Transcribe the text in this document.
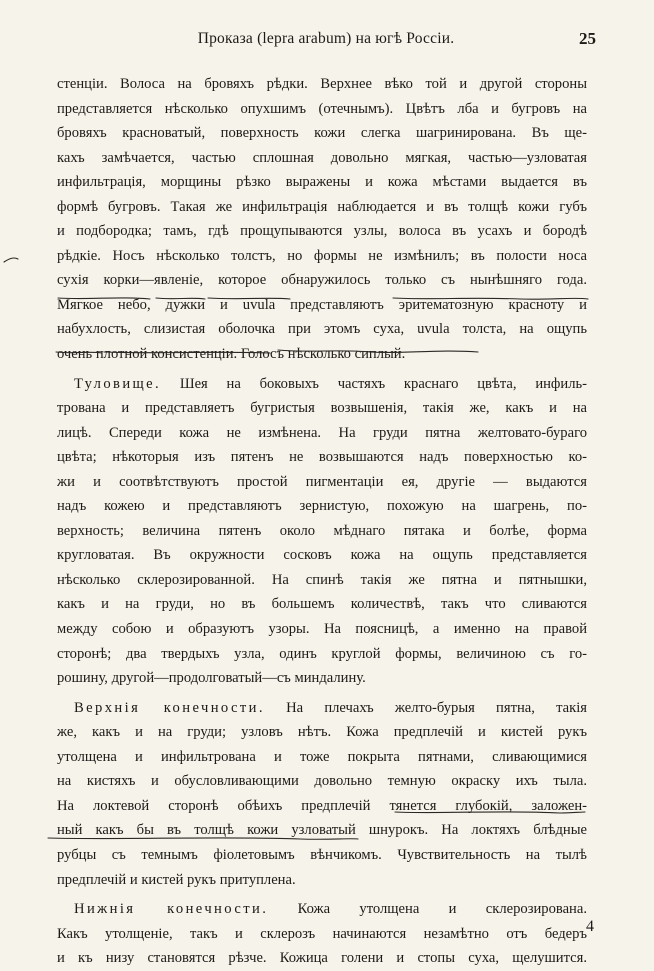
Проказа (lepra arabum) на югѣ Россіи.	25
стенціи. Волоса на бровяхъ рѣдки. Верхнее вѣко той и другой стороны
представляется нѣсколько опухшимъ (отечнымъ). Цвѣтъ лба и бугровъ на
бровяхъ красноватый, поверхность кожи слегка шагринирована. Въ ще-
кахъ замѣчается, частью сплошная довольно мягкая, частью—узловатая
инфильтрація, морщины рѣзко выражены и кожа мѣстами выдается въ
формѣ бугровъ. Такая же инфильтрація наблюдается и въ толщѣ кожи губъ
и подбородка; тамъ, гдѣ прощупываются узлы, волоса въ усахъ и бородѣ
рѣдкіе. Носъ нѣсколько толстъ, но формы не измѣнилъ; въ полости носа
сухія корки—явленіе, которое обнаружилось только съ нынѣшняго года.
Мягкое небо, дужки и uvula представляютъ эритематозную красноту и
набухлость, слизистая оболочка при этомъ суха, uvula толста, на ощупь
очень плотной консистенціи. Голосъ нѣсколько сиплый.
Туловище. Шея на боковыхъ частяхъ краснаго цвѣта, инфиль-
трована и представляетъ бугристыя возвышенія, такія же, какъ и на
лицѣ. Спереди кожа не измѣнена. На груди пятна желтовато-бураго
цвѣта; нѣкоторыя изъ пятенъ не возвышаются надъ поверхностью ко-
жи и соотвѣтствуютъ простой пигментаціи ея, другіе — выдаются
надъ кожею и представляютъ зернистую, похожую на шагрень, по-
верхность; величина пятенъ около мѣднаго пятака и болѣе, форма
кругловатая. Въ окружности сосковъ кожа на ощупь представляется
нѣсколько склерозированной. На спинѣ такія же пятна и пятнышки,
какъ и на груди, но въ большемъ количествѣ, такъ что сливаются
между собою и образуютъ узоры. На поясницѣ, а именно на правой
сторонѣ; два твердыхъ узла, одинъ круглой формы, величиною съ го-
рошину, другой—продолговатый—съ миндалину.
Верхнія конечности. На плечахъ желто-бурыя пятна, такія
же, какъ и на груди; узловъ нѣтъ. Кожа предплечій и кистей рукъ
утолщена и инфильтрована и тоже покрыта пятнами, сливающимися
на кистяхъ и обусловливающими довольно темную окраску ихъ тыла.
На локтевой сторонѣ обѣихъ предплечій тянется глубокій, заложен-
ный какъ бы въ толщѣ кожи узловатый шнурокъ. На локтяхъ блѣдные
рубцы съ темнымъ фіолетовымъ вѣнчикомъ. Чувствительность на тылѣ
предплечій и кистей рукъ притуплена.
Нижнія конечности. Кожа утолщена и склерозирована.
Какъ утолщеніе, такъ и склерозъ начинаются незамѣтно отъ бедеръ
и къ низу становятся рѣзче. Кожица голени и стопы суха, щелушится.
4
